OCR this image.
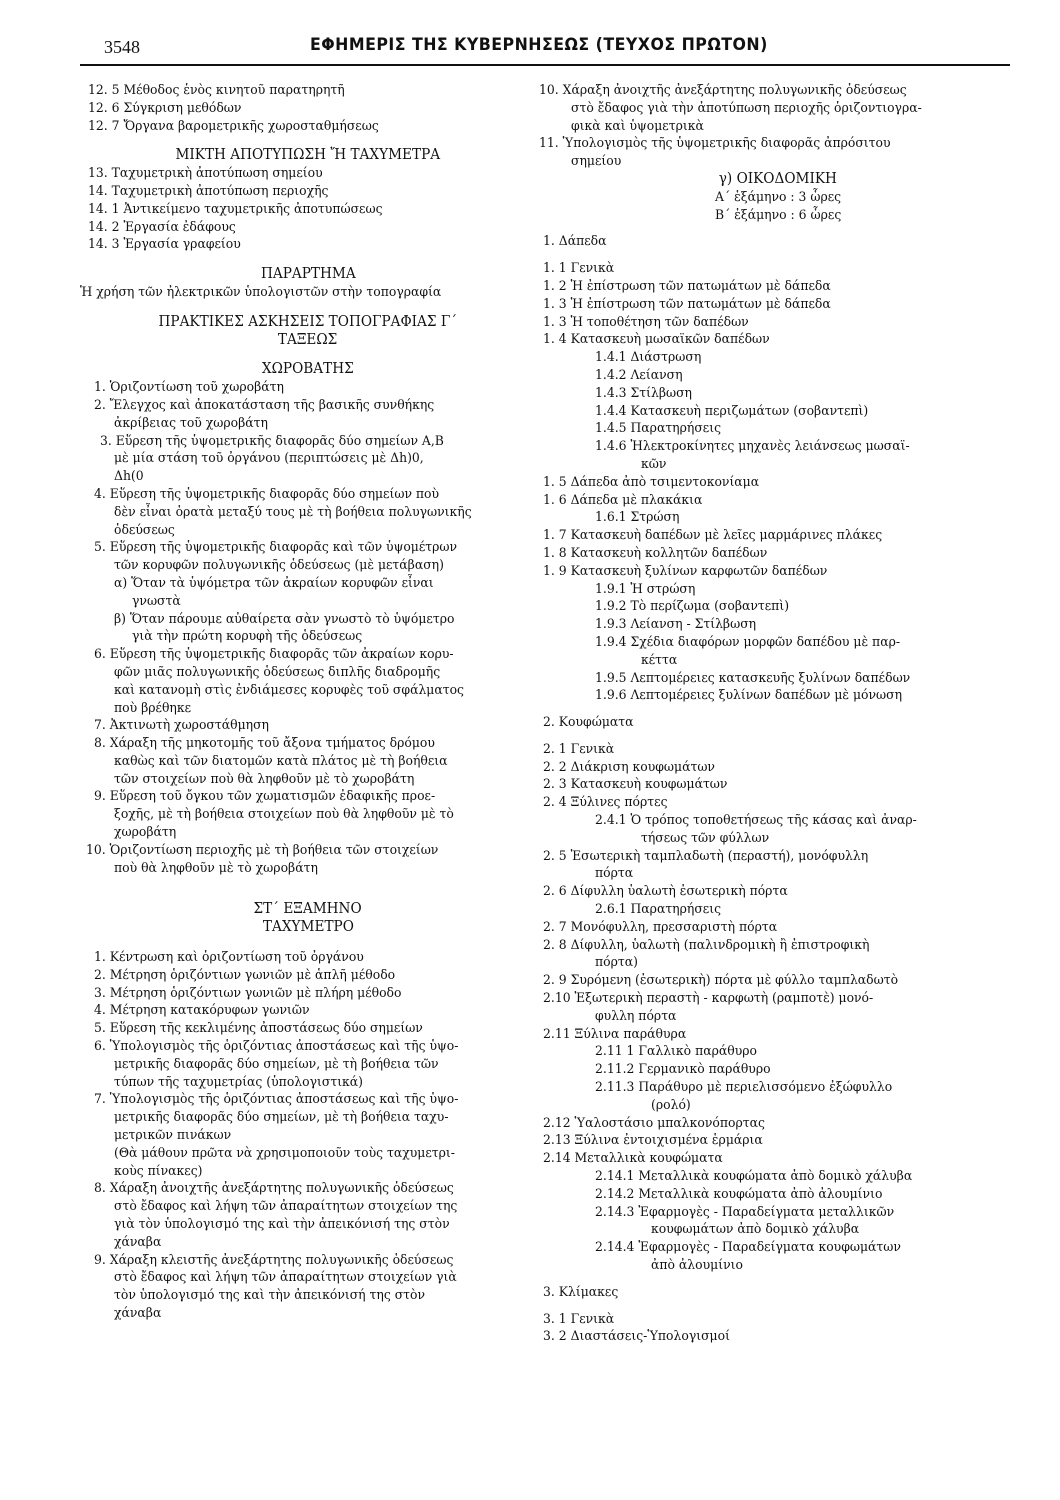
3548	ΕΦΗΜΕΡΙΣ ΤΗΣ ΚΥΒΕΡΝΗΣΕΩΣ (ΤΕΥΧΟΣ ΠΡΩΤΟΝ)
12. 5 Μέθοδος ἑνὸς κινητοῦ παρατηρητῆ
12. 6 Σύγκριση μεθόδων
12. 7 Ὄργανα βαρομετρικῆς χωροσταθμήσεως
ΜΙΚΤΗ ΑΠΟΤΥΠΩΣΗ Ἤ ΤΑΧΥΜΕΤΡΑ
13. Ταχυμετρικὴ ἀποτύπωση σημείου
14. Ταχυμετρικὴ ἀποτύπωση περιοχῆς
14. 1 Ἀντικείμενο ταχυμετρικῆς ἀποτυπώσεως
14. 2 Ἐργασία ἐδάφους
14. 3 Ἐργασία γραφείου
ΠΑΡΑΡΤΗΜΑ
Ἡ χρήση τῶν ἠλεκτρικῶν ὑπολογιστῶν στὴν τοπογραφία
ΠΡΑΚΤΙΚΕΣ ΑΣΚΗΣΕΙΣ ΤΟΠΟΓΡΑΦΙΑΣ Γ΄
ΤΑΞΕΩΣ
ΧΩΡΟΒΑΤΗΣ
1. Ὁριζοντίωση τοῦ χωροβάτη
2. Ἔλεγχος καὶ ἀποκατάσταση τῆς βασικῆς συνθήκης
ἀκρίβειας τοῦ χωροβάτη
3. Εὕρεση τῆς ὑψομετρικῆς διαφορᾶς δύο σημείων Α,Β
μὲ μία στάση τοῦ ὀργάνου (περιπτώσεις μὲ Δh)0,
Δh(0
4. Εὕρεση τῆς ὑψομετρικῆς διαφορᾶς δύο σημείων ποὺ
δὲν εἶναι ὁρατὰ μεταξύ τους μὲ τὴ βοήθεια πολυγωνικῆς
ὁδεύσεως
5. Εὕρεση τῆς ὑψομετρικῆς διαφορᾶς καὶ τῶν ὑψομέτρων
τῶν κορυφῶν πολυγωνικῆς ὁδεύσεως (μὲ μετάβαση)
α) Ὅταν τὰ ὑψόμετρα τῶν ἀκραίων κορυφῶν εἶναι
γνωστὰ
β) Ὅταν πάρουμε αὐθαίρετα σὰν γνωστὸ τὸ ὑψόμετρο
γιὰ τὴν πρώτη κορυφὴ τῆς ὁδεύσεως
6. Εὕρεση τῆς ὑψομετρικῆς διαφορᾶς τῶν ἀκραίων κορυ-
φῶν μιᾶς πολυγωνικῆς ὁδεύσεως διπλῆς διαδρομῆς
καὶ κατανομὴ στὶς ἐνδιάμεσες κορυφὲς τοῦ σφάλματος
ποὺ βρέθηκε
7. Ἀκτινωτὴ χωροστάθμηση
8. Χάραξη τῆς μηκοτομῆς τοῦ ἄξονα τμήματος δρόμου
καθὼς καὶ τῶν διατομῶν κατὰ πλάτος μὲ τὴ βοήθεια
τῶν στοιχείων ποὺ θὰ ληφθοῦν μὲ τὸ χωροβάτη
9. Εὕρεση τοῦ ὄγκου τῶν χωματισμῶν ἐδαφικῆς προε-
ξοχῆς, μὲ τὴ βοήθεια στοιχείων ποὺ θὰ ληφθοῦν μὲ τὸ
χωροβάτη
10. Ὁριζοντίωση περιοχῆς μὲ τὴ βοήθεια τῶν στοιχείων
ποὺ θὰ ληφθοῦν μὲ τὸ χωροβάτη
ΣΤ΄ ΕΞΑΜΗΝΟ
ΤΑΧΥΜΕΤΡΟ
1. Κέντρωση καὶ ὁριζοντίωση τοῦ ὀργάνου
2. Μέτρηση ὁριζόντιων γωνιῶν μὲ ἁπλῆ μέθοδο
3. Μέτρηση ὁριζόντιων γωνιῶν μὲ πλήρη μέθοδο
4. Μέτρηση κατακόρυφων γωνιῶν
5. Εὕρεση τῆς κεκλιμένης ἀποστάσεως δύο σημείων
6. Ὑπολογισμὸς τῆς ὁριζόντιας ἀποστάσεως καὶ τῆς ὑψο-
μετρικῆς διαφορᾶς δύο σημείων, μὲ τὴ βοήθεια τῶν
τύπων τῆς ταχυμετρίας (ὑπολογιστικά)
7. Ὑπολογισμὸς τῆς ὁριζόντιας ἀποστάσεως καὶ τῆς ὑψο-
μετρικῆς διαφορᾶς δύο σημείων, μὲ τὴ βοήθεια ταχυ-
μετρικῶν πινάκων
(Θὰ μάθουν πρῶτα νὰ χρησιμοποιοῦν τοὺς ταχυμετρι-
κοὺς πίνακες)
8. Χάραξη ἀνοιχτῆς ἀνεξάρτητης πολυγωνικῆς ὁδεύσεως
στὸ ἔδαφος καὶ λήψη τῶν ἀπαραίτητων στοιχείων της
γιὰ τὸν ὑπολογισμό της καὶ τὴν ἀπεικόνισή της στὸν
χάναβα
9. Χάραξη κλειστῆς ἀνεξάρτητης πολυγωνικῆς ὁδεύσεως
στὸ ἔδαφος καὶ λήψη τῶν ἀπαραίτητων στοιχείων γιὰ
τὸν ὑπολογισμό της καὶ τὴν ἀπεικόνισή της στὸν
χάναβα
10. Χάραξη ἀνοιχτῆς ἀνεξάρτητης πολυγωνικῆς ὁδεύσεως
στὸ ἔδαφος γιὰ τὴν ἀποτύπωση περιοχῆς ὁριζοντιογρα-
φικὰ καὶ ὑψομετρικὰ
11. Ὑπολογισμὸς τῆς ὑψομετρικῆς διαφορᾶς ἀπρόσιτου
σημείου
γ) ΟΙΚΟΔΟΜΙΚΗ
Α΄ ἑξάμηνο : 3 ὧρες
Β΄ ἑξάμηνο : 6 ὧρες
1. Δάπεδα
1. 1 Γενικὰ
1. 2 Ἡ ἐπίστρωση τῶν πατωμάτων μὲ δάπεδα
1. 3 Ἡ ἐπίστρωση τῶν πατωμάτων μὲ δάπεδα
1. 3 Ἡ τοποθέτηση τῶν δαπέδων
1. 4 Κατασκευὴ μωσαϊκῶν δαπέδων
1.4.1 Διάστρωση
1.4.2 Λείανση
1.4.3 Στίλβωση
1.4.4 Κατασκευὴ περιζωμάτων (σοβαντεπὶ)
1.4.5 Παρατηρήσεις
1.4.6 Ἠλεκτροκίνητες μηχανὲς λειάνσεως μωσαϊ-
κῶν
1. 5 Δάπεδα ἀπὸ τσιμεντοκονίαμα
1. 6 Δάπεδα μὲ πλακάκια
1.6.1 Στρώση
1. 7 Κατασκευὴ δαπέδων μὲ λεῖες μαρμάρινες πλάκες
1. 8 Κατασκευὴ κολλητῶν δαπέδων
1. 9 Κατασκευὴ ξυλίνων καρφωτῶν δαπέδων
1.9.1 Ἡ στρώση
1.9.2 Τὸ περίζωμα (σοβαντεπὶ)
1.9.3 Λείανση - Στίλβωση
1.9.4 Σχέδια διαφόρων μορφῶν δαπέδου μὲ παρ-
κέττα
1.9.5 Λεπτομέρειες κατασκευῆς ξυλίνων δαπέδων
1.9.6 Λεπτομέρειες ξυλίνων δαπέδων μὲ μόνωση
2. Κουφώματα
2. 1 Γενικὰ
2. 2 Διάκριση κουφωμάτων
2. 3 Κατασκευὴ κουφωμάτων
2. 4 Ξύλινες πόρτες
2.4.1 Ὁ τρόπος τοποθετήσεως τῆς κάσας καὶ ἀναρ-
τήσεως τῶν φύλλων
2. 5 Ἐσωτερικὴ ταμπλαδωτὴ (περαστή), μονόφυλλη
πόρτα
2. 6 Δίφυλλη ὑαλωτὴ ἐσωτερικὴ πόρτα
2.6.1 Παρατηρήσεις
2. 7 Μονόφυλλη, πρεσσαριστὴ πόρτα
2. 8 Δίφυλλη, ὑαλωτὴ (παλινδρομικὴ ἢ ἐπιστροφικὴ
πόρτα)
2. 9 Συρόμενη (ἐσωτερικὴ) πόρτα μὲ φύλλο ταμπλαδωτὸ
2.10 Ἐξωτερικὴ περαστὴ - καρφωτὴ (ραμποτὲ) μονό-
φυλλη πόρτα
2.11 Ξύλινα παράθυρα
2.11 1 Γαλλικὸ παράθυρο
2.11.2 Γερμανικὸ παράθυρο
2.11.3 Παράθυρο μὲ περιελισσόμενο ἐξώφυλλο
(ρολό)
2.12 Ὑαλοστάσιο μπαλκονόπορτας
2.13 Ξύλινα ἐντοιχισμένα ἑρμάρια
2.14 Μεταλλικὰ κουφώματα
2.14.1 Μεταλλικὰ κουφώματα ἀπὸ δομικὸ χάλυβα
2.14.2 Μεταλλικὰ κουφώματα ἀπὸ ἀλουμίνιο
2.14.3 Ἐφαρμογὲς - Παραδείγματα μεταλλικῶν
κουφωμάτων ἀπὸ δομικὸ χάλυβα
2.14.4 Ἐφαρμογὲς - Παραδείγματα κουφωμάτων
ἀπὸ ἀλουμίνιο
3. Κλίμακες
3. 1 Γενικὰ
3. 2 Διαστάσεις-Ὑπολογισμοί
